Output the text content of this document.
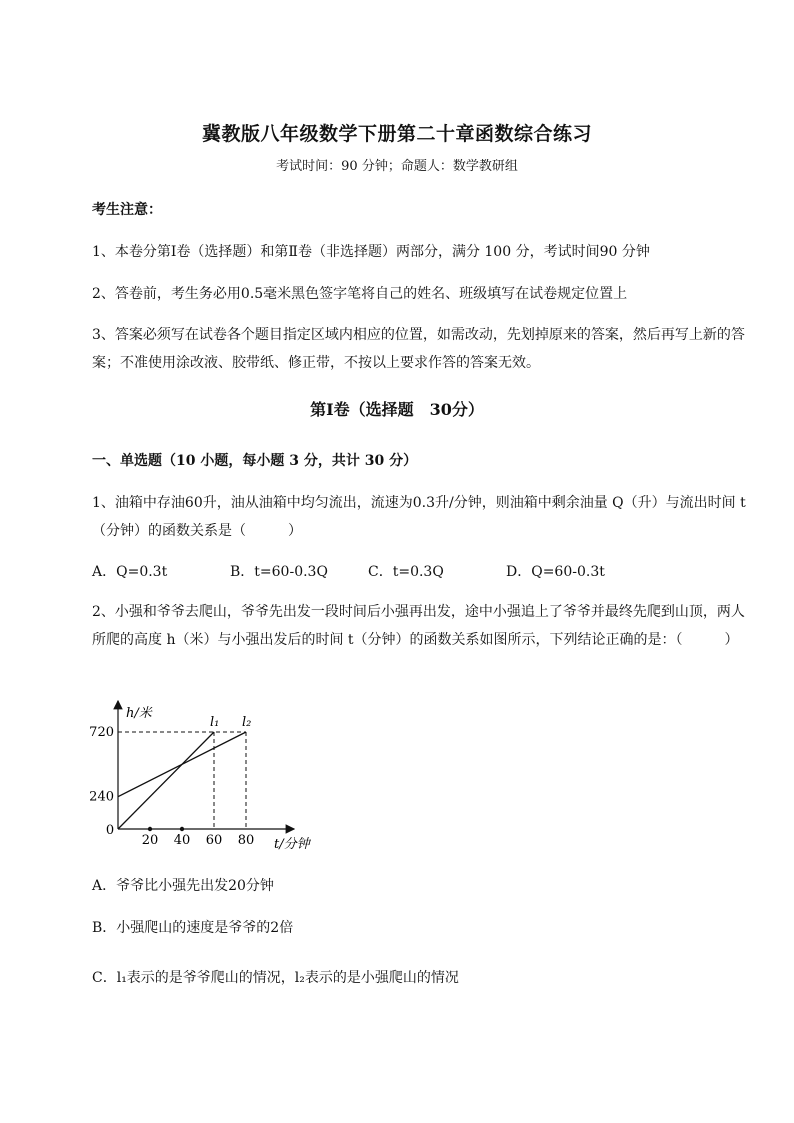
冀教版八年级数学下册第二十章函数综合练习
考试时间：90 分钟；命题人：数学教研组
考生注意：
1、本卷分第Ⅰ卷（选择题）和第Ⅱ卷（非选择题）两部分，满分 100 分，考试时间90 分钟
2、答卷前，考生务必用0.5毫米黑色签字笔将自己的姓名、班级填写在试卷规定位置上
3、答案必须写在试卷各个题目指定区域内相应的位置，如需改动，先划掉原来的答案，然后再写上新的答案；不准使用涂改液、胶带纸、修正带，不按以上要求作答的答案无效。
第Ⅰ卷（选择题　30分）
一、单选题（10 小题，每小题 3 分，共计 30 分）
1、油箱中存油60升，油从油箱中均匀流出，流速为0.3升/分钟，则油箱中剩余油量 Q（升）与流出时间 t（分钟）的函数关系是（　　　）
A．Q=0.3t	B．t=60-0.3Q	C．t=0.3Q	D．Q=60-0.3t
2、小强和爷爷去爬山，爷爷先出发一段时间后小强再出发，途中小强追上了爷爷并最终先爬到山顶，两人所爬的高度 h（米）与小强出发后的时间 t（分钟）的函数关系如图所示，下列结论正确的是：（　　　）
l₁ l₂
20 40 60 80
240
720
0
h/米
t/分钟
A．爷爷比小强先出发20分钟
B．小强爬山的速度是爷爷的2倍
C．l₁表示的是爷爷爬山的情况，l₂表示的是小强爬山的情况
